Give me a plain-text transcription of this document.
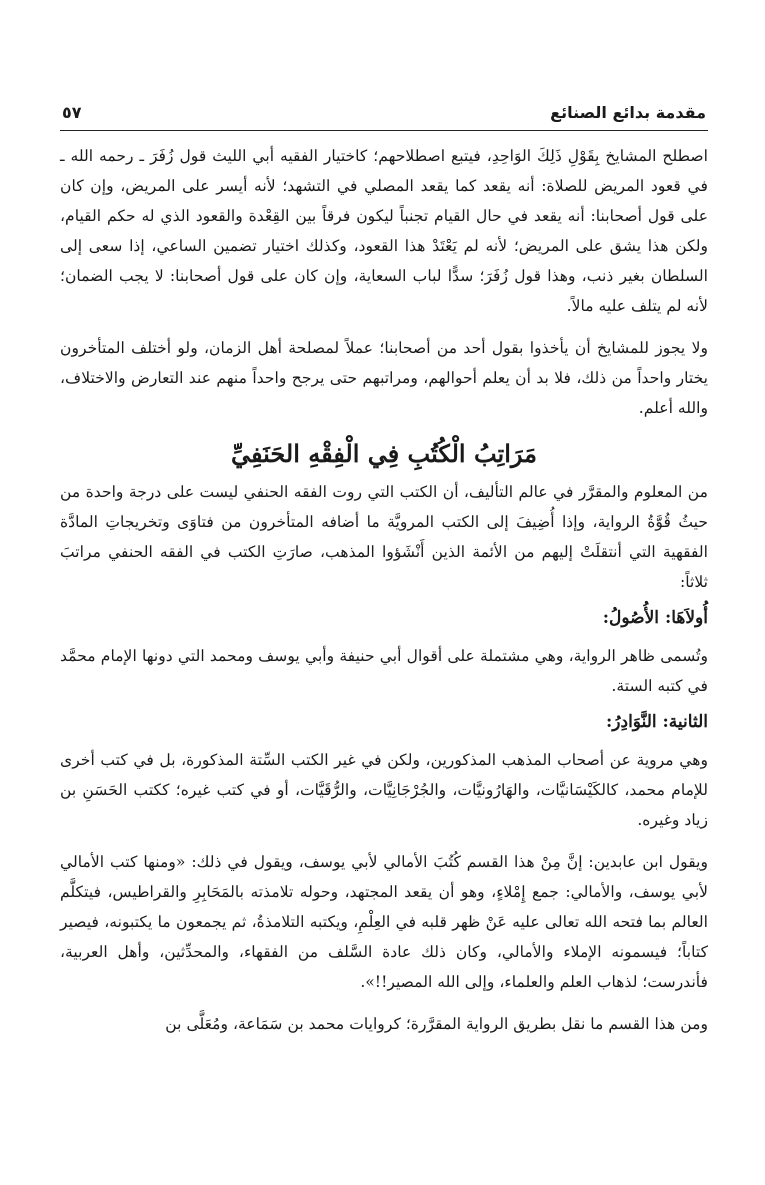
مقدمة بدائع الصنائع
٥٧

اصطلح المشايخ بِقَوْلِ ذَلِكَ الوَاحِدِ، فيتبع اصطلاحهم؛ كاختيار الفقيه أبي الليث قول زُفَرَ ـ رحمه الله ـ في قعود المريض للصلاة: أنه يقعد كما يقعد المصلي في التشهد؛ لأنه أيسر على المريض، وإن كان على قول أصحابنا: أنه يقعد في حال القيام تجنباً ليكون فرقاً بين القِعْدة والقعود الذي له حكم القيام، ولكن هذا يشق على المريض؛ لأنه لم يَعْتَدْ هذا القعود، وكذلك اختيار تضمين الساعي، إذا سعى إلى السلطان بغير ذنب، وهذا قول زُفَرَ؛ سدًّا لباب السعاية، وإن كان على قول أصحابنا: لا يجب الضمان؛ لأنه لم يتلف عليه مالاً.

ولا يجوز للمشايخ أن يأخذوا بقول أحد من أصحابنا؛ عملاً لمصلحة أهل الزمان، ولو أختلف المتأخرون يختار واحداً من ذلك، فلا بد أن يعلم أحوالهم، ومراتبهم حتى يرجح واحداً منهم عند التعارض والاختلاف، والله أعلم.

مَرَاتِبُ الْكُتُبِ فِي الْفِقْهِ الحَنَفِيِّ

من المعلوم والمقرَّر في عالم التأليف، أن الكتب التي روت الفقه الحنفي ليست على درجة واحدة من حيثُ قُوَّةُ الرواية، وإذا أُضِيفَ إلى الكتب المرويَّة ما أضافه المتأخرون من فتاوَى وتخريجاتِ المادَّة الفقهية التي أنتقلَتْ إليهم من الأئمة الذين أَنْشَؤوا المذهب، صارَتِ الكتب في الفقه الحنفي مراتبَ ثلاثاً:

أُولاَهَا: الأُصُولُ:

وتُسمى ظاهر الرواية، وهي مشتملة على أقوال أبي حنيفة وأبي يوسف ومحمد التي دونها الإمام محمَّد في كتبه الستة.

الثانية: النَّوَادِرُ:

وهي مروية عن أصحاب المذهب المذكورين، ولكن في غير الكتب السِّتة المذكورة، بل في كتب أخرى للإمام محمد، كالكَيْسَانيَّات، والهَارُونيَّات، والجُرْجَانِيَّات، والرُّقَيَّات، أو في كتب غيره؛ ككتب الحَسَنِ بن زياد وغيره.

ويقول ابن عابدين: إنَّ مِنْ هذا القسم كُتُبَ الأمالي لأبي يوسف، ويقول في ذلك: «ومنها كتب الأمالي لأبي يوسف، والأمالي: جمع إِمْلاءٍ، وهو أن يقعد المجتهد، وحوله تلامذته بالمَحَابِرِ والقراطيس، فيتكلَّم العالم بما فتحه الله تعالى عليه عَنْ ظهر قلبه في العِلْمِ، ويكتبه التلامذةُ، ثم يجمعون ما يكتبونه، فيصير كتاباً؛ فيسمونه الإملاء والأمالي، وكان ذلك عادة السَّلف من الفقهاء، والمحدِّثين، وأهل العربية، فأندرست؛ لذهاب العلم والعلماء، وإلى الله المصير!!».

ومن هذا القسم ما نقل بطريق الرواية المقرَّرة؛ كروايات محمد بن سَمَاعة، ومُعَلَّى بن
